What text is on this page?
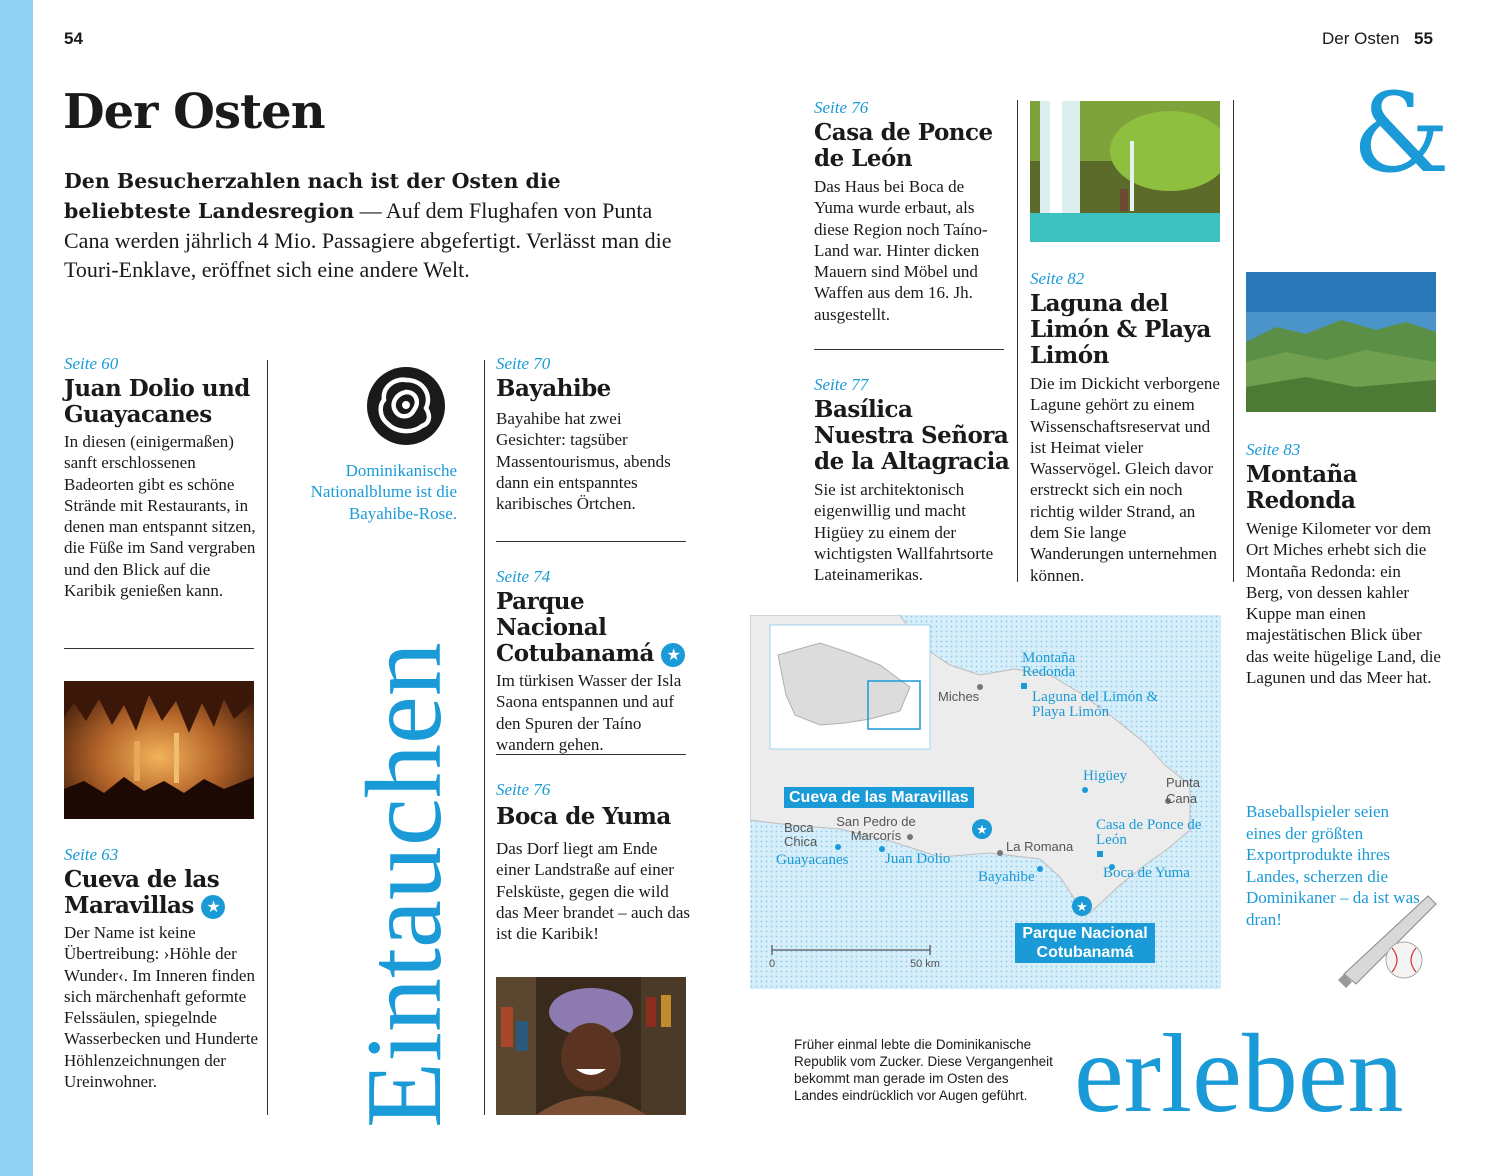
54	Der Osten 55
Der Osten

Den Besucherzahlen nach ist der Osten die beliebteste Landesregion — Auf dem Flughafen von Punta Cana werden jährlich 4 Mio. Passagiere abgefertigt. Verlässt man die Touri-Enklave, eröffnet sich eine andere Welt.

Seite 60
Juan Dolio und Guayacanes
In diesen (einigermaßen) sanft erschlossenen Badeorten gibt es schöne Strände mit Restaurants, in denen man entspannt sitzen, die Füße im Sand vergraben und den Blick auf die Karibik genießen kann.
Seite 63
Cueva de las Maravillas ★
Der Name ist keine Übertreibung: ›Höhle der Wunder‹. Im Inneren finden sich märchenhaft geformte Felssäulen, spiegelnde Wasserbecken und Hunderte Höhlenzeichnungen der Ureinwohner.
Dominikanische Nationalblume ist die Bayahibe-Rose.
Eintauchen
Seite 70
Bayahibe
Bayahibe hat zwei Gesichter: tagsüber Massentourismus, abends dann ein entspanntes karibisches Örtchen.
Seite 74
Parque Nacional Cotubanamá ★
Im türkisen Wasser der Isla Saona entspannen und auf den Spuren der Taíno wandern gehen.
Seite 76
Boca de Yuma
Das Dorf liegt am Ende einer Landstraße auf einer Felsküste, gegen die wild das Meer brandet – auch das ist die Karibik!
Seite 76
Casa de Ponce de León
Das Haus bei Boca de Yuma wurde erbaut, als diese Region noch Taíno-Land war. Hinter dicken Mauern sind Möbel und Waffen aus dem 16. Jh. ausgestellt.
Seite 77
Basílica Nuestra Señora de la Altagracia
Sie ist architektonisch eigenwillig und macht Higüey zu einem der wichtigsten Wallfahrtsorte Lateinamerikas.
Seite 82
Laguna del Limón & Playa Limón
Die im Dickicht verborgene Lagune gehört zu einem Wissenschaftsreservat und ist Heimat vieler Wasservögel. Gleich davor erstreckt sich ein noch richtig wilder Strand, an dem Sie lange Wanderungen unternehmen können.
&
Seite 83
Montaña Redonda
Wenige Kilometer vor dem Ort Miches erhebt sich die Montaña Redonda: ein Berg, von dessen kahler Kuppe man einen majestätischen Blick über das weite hügelige Land, die Lagunen und das Meer hat.
Baseballspieler seien eines der größten Exportprodukte ihres Landes, scherzen die Dominikaner – da ist was dran!
★
★
Montaña Redonda
Laguna del Limón & Playa Limón
Miches
Higüey	Punta Cana
Cueva de las Maravillas
San Pedro de Marcorís
Boca Chica	La Romana
Casa de Ponce de León
Guayacanes Juan Dolio
Bayahibe	Boca de Yuma
Parque Nacional Cotubanamá
0	50 km
Früher einmal lebte die Dominikanische Republik vom Zucker. Diese Vergangenheit bekommt man gerade im Osten des Landes eindrücklich vor Augen geführt. erleben
